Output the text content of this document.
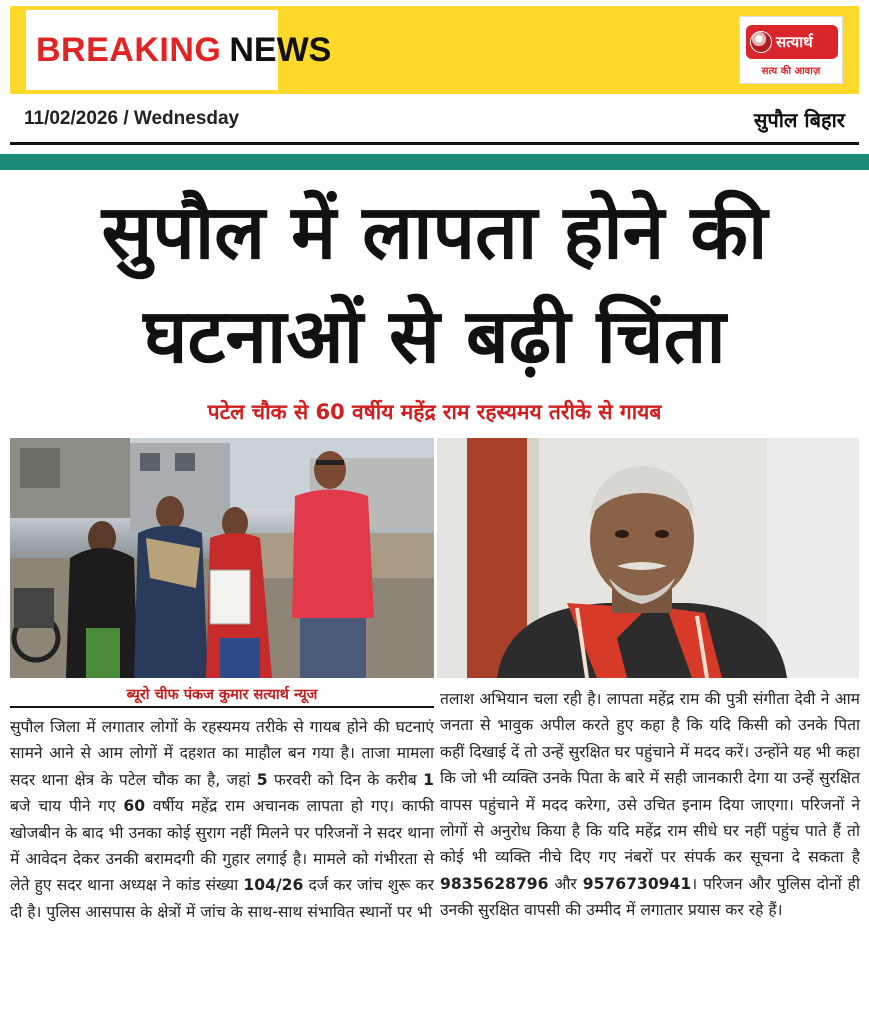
BREAKING NEWS	सत्यार्थ
सत्य की आवाज़
11/02/2026 / Wednesday	सुपौल बिहार
सुपौल में लापता होने की
घटनाओं से बढ़ी चिंता
पटेल चौक से 60 वर्षीय महेंद्र राम रहस्यमय तरीके से गायब
ब्यूरो चीफ पंकज कुमार सत्यार्थ न्यूज
सुपौल जिला में लगातार लोगों के रहस्यमय तरीके से गायब होने की घटनाएं सामने आने से आम लोगों में दहशत का माहौल बन गया है। ताजा मामला सदर थाना क्षेत्र के पटेल चौक का है, जहां 5 फरवरी को दिन के करीब 1 बजे चाय पीने गए 60 वर्षीय महेंद्र राम अचानक लापता हो गए। काफी खोजबीन के बाद भी उनका कोई सुराग नहीं मिलने पर परिजनों ने सदर थाना में आवेदन देकर उनकी बरामदगी की गुहार लगाई है। मामले को गंभीरता से लेते हुए सदर थाना अध्यक्ष ने कांड संख्या 104/26 दर्ज कर जांच शुरू कर दी है। पुलिस आसपास के क्षेत्रों में जांच के साथ-साथ संभावित स्थानों पर भी
तलाश अभियान चला रही है। लापता महेंद्र राम की पुत्री संगीता देवी ने आम जनता से भावुक अपील करते हुए कहा है कि यदि किसी को उनके पिता कहीं दिखाई दें तो उन्हें सुरक्षित घर पहुंचाने में मदद करें। उन्होंने यह भी कहा कि जो भी व्यक्ति उनके पिता के बारे में सही जानकारी देगा या उन्हें सुरक्षित वापस पहुंचाने में मदद करेगा, उसे उचित इनाम दिया जाएगा। परिजनों ने लोगों से अनुरोध किया है कि यदि महेंद्र राम सीधे घर नहीं पहुंच पाते हैं तो कोई भी व्यक्ति नीचे दिए गए नंबरों पर संपर्क कर सूचना दे सकता है 9835628796 और 9576730941। परिजन और पुलिस दोनों ही उनकी सुरक्षित वापसी की उम्मीद में लगातार प्रयास कर रहे हैं।
